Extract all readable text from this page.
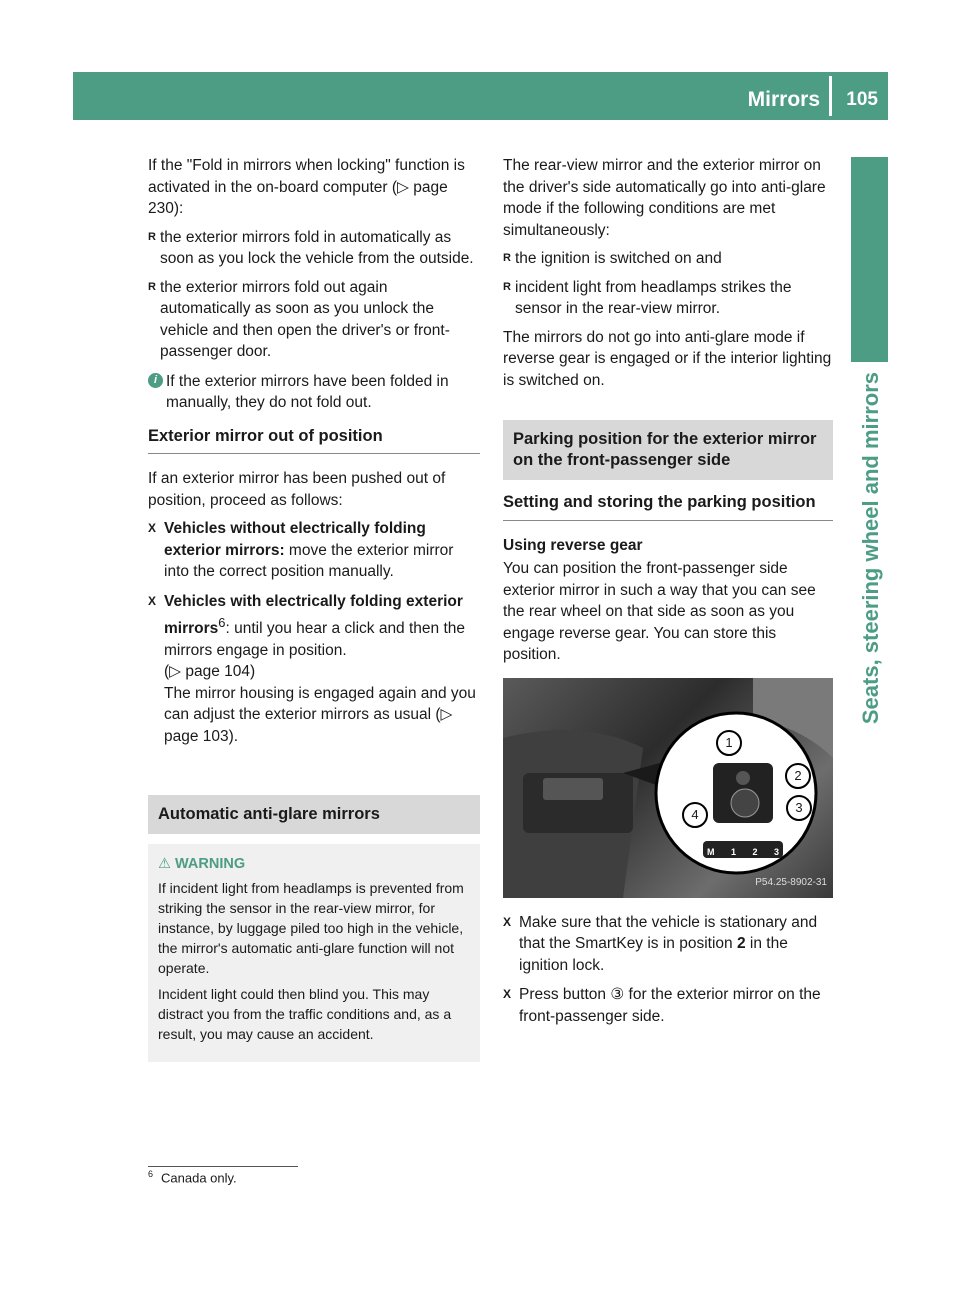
Mirrors 105
Seats, steering wheel and mirrors

If the "Fold in mirrors when locking" function is activated in the on-board computer (▷ page 230):

R the exterior mirrors fold in automatically as soon as you lock the vehicle from the outside.
R the exterior mirrors fold out again automatically as soon as you unlock the vehicle and then open the driver's or front-passenger door.
i If the exterior mirrors have been folded in manually, they do not fold out.
Exterior mirror out of position

If an exterior mirror has been pushed out of position, proceed as follows:

X Vehicles without electrically folding exterior mirrors: move the exterior mirror into the correct position manually.
X Vehicles with electrically folding exterior mirrors$^6$: until you hear a click and then the mirrors engage in position.
(▷ page 104)
The mirror housing is engaged again and you can adjust the exterior mirrors as usual (▷ page 103).
Automatic anti-glare mirrors
⚠ WARNING

If incident light from headlamps is prevented from striking the sensor in the rear-view mirror, for instance, by luggage piled too high in the vehicle, the mirror's automatic anti-glare function will not operate.

Incident light could then blind you. This may distract you from the traffic conditions and, as a result, you may cause an accident.

The rear-view mirror and the exterior mirror on the driver's side automatically go into anti-glare mode if the following conditions are met simultaneously:

R the ignition is switched on and
R incident light from headlamps strikes the sensor in the rear-view mirror.

The mirrors do not go into anti-glare mode if reverse gear is engaged or if the interior lighting is switched on.

Parking position for the exterior mirror on the front-passenger side
Setting and storing the parking position

Using reverse gear

You can position the front-passenger side exterior mirror in such a way that you can see the rear wheel on that side as soon as you engage reverse gear. You can store this position.

1
2
3
4
M 1 2 3
P54.25-8902-31
X Make sure that the vehicle is stationary and that the SmartKey is in position 2 in the ignition lock.
X Press button ③ for the exterior mirror on the front-passenger side.
$^6$ Canada only.
